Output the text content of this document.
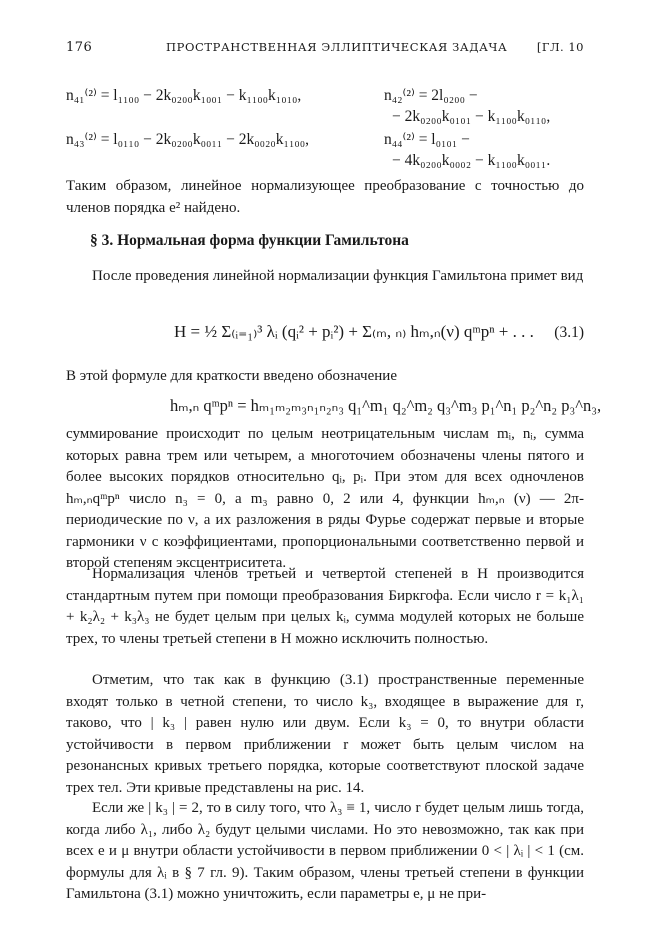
176	ПРОСТРАНСТВЕННАЯ ЭЛЛИПТИЧЕСКАЯ ЗАДАЧА	[ГЛ. 10
n₄₁⁽²⁾ = l₁₁₀₀ − 2k₀₂₀₀k₁₀₀₁ − k₁₁₀₀k₁₀₁₀,	n₄₂⁽²⁾ = 2l₀₂₀₀ −
− 2k₀₂₀₀k₀₁₀₁ − k₁₁₀₀k₀₁₁₀,
n₄₃⁽²⁾ = l₀₁₁₀ − 2k₀₂₀₀k₀₀₁₁ − 2k₀₀₂₀k₁₁₀₀,	n₄₄⁽²⁾ = l₀₁₀₁ −
− 4k₀₂₀₀k₀₀₀₂ − k₁₁₀₀k₀₀₁₁.

Таким образом, линейное нормализующее преобразование с точностью до членов порядка e² найдено.

§ 3. Нормальная форма функции Гамильтона

После проведения линейной нормализации функция Гамильтона примет вид

H = ½ Σ₍ᵢ₌₁₎³ λᵢ (qᵢ² + pᵢ²) + Σ₍ₘ, ₙ₎ hₘ,ₙ(ν) qᵐpⁿ + . . . (3.1)

В этой формуле для краткости введено обозначение

hₘ,ₙ qᵐpⁿ = hₘ₁ₘ₂ₘ₃ₙ₁ₙ₂ₙ₃ q₁^m₁ q₂^m₂ q₃^m₃ p₁^n₁ p₂^n₂ p₃^n₃,

суммирование происходит по целым неотрицательным числам mᵢ, nᵢ, сумма которых равна трем или четырем, а многоточием обозначены члены пятого и более высоких порядков относительно qᵢ, pᵢ. При этом для всех одночленов hₘ,ₙqᵐpⁿ число n₃ = 0, а m₃ равно 0, 2 или 4, функции hₘ,ₙ (ν) — 2π-периодические по ν, а их разложения в ряды Фурье содержат первые и вторые гармоники ν с коэффициентами, пропорциональными соответственно первой и второй степеням эксцентриситета.

Нормализация членов третьей и четвертой степеней в H производится стандартным путем при помощи преобразования Биркгофа. Если число r = k₁λ₁ + k₂λ₂ + k₃λ₃ не будет целым при целых kᵢ, сумма модулей которых не больше трех, то члены третьей степени в H можно исключить полностью.

Отметим, что так как в функцию (3.1) пространственные переменные входят только в четной степени, то число k₃, входящее в выражение для r, таково, что | k₃ | равен нулю или двум. Если k₃ = 0, то внутри области устойчивости в первом приближении r может быть целым числом на резонансных кривых третьего порядка, которые соответствуют плоской задаче трех тел. Эти кривые представлены на рис. 14.

Если же | k₃ | = 2, то в силу того, что λ₃ ≡ 1, число r будет целым лишь тогда, когда либо λ₁, либо λ₂ будут целыми числами. Но это невозможно, так как при всех e и μ внутри области устойчивости в первом приближении 0 < | λᵢ | < 1 (см. формулы для λᵢ в § 7 гл. 9). Таким образом, члены третьей степени в функции Гамильтона (3.1) можно уничтожить, если параметры e, μ не при-
